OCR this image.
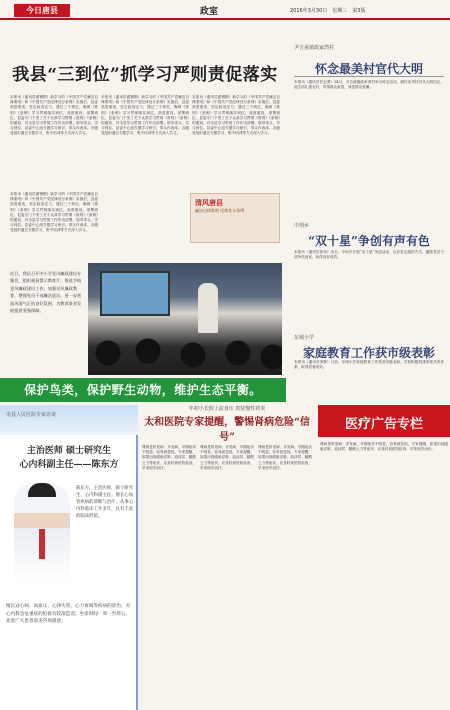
今日唐县	政室	2016年3月30日　星期三　第3版
我县“三到位”抓学习严则责促落实
本报讯（通讯员翟钢钢）新学习的《中国共产党廉洁自律准则》和《中国共产党纪律处分条例》实施后，县委高度重视，坚定政治定力，通过三个到位，确保《准则》《条例》学习贯彻落实到位。高度重视，部署到位。县委专门下发了关于认真学习贯彻《准则》《条例》的通知，对全县学习贯彻工作作出部署。领导带头，学习到位。县委中心组专题学习研讨，带头作表率。各级党组织通过专题学习、集中培训等方式深入学习。
本报讯（通讯员翟钢钢）新学习的《中国共产党廉洁自律准则》和《中国共产党纪律处分条例》实施后，县委高度重视，坚定政治定力，通过三个到位，确保《准则》《条例》学习贯彻落实到位。高度重视，部署到位。县委专门下发了关于认真学习贯彻《准则》《条例》的通知，对全县学习贯彻工作作出部署。领导带头，学习到位。县委中心组专题学习研讨，带头作表率。各级党组织通过专题学习、集中培训等方式深入学习。
本报讯（通讯员翟钢钢）新学习的《中国共产党廉洁自律准则》和《中国共产党纪律处分条例》实施后，县委高度重视，坚定政治定力，通过三个到位，确保《准则》《条例》学习贯彻落实到位。高度重视，部署到位。县委专门下发了关于认真学习贯彻《准则》《条例》的通知，对全县学习贯彻工作作出部署。领导带头，学习到位。县委中心组专题学习研讨，带头作表率。各级党组织通过专题学习、集中培训等方式深入学习。
本报讯（通讯员翟钢钢）新学习的《中国共产党廉洁自律准则》和《中国共产党纪律处分条例》实施后，县委高度重视，坚定政治定力，通过三个到位，确保《准则》《条例》学习贯彻落实到位。高度重视，部署到位。县委专门下发了关于认真学习贯彻《准则》《条例》的通知，对全县学习贯彻工作作出部署。领导带头，学习到位。县委中心组专题学习研讨，带头作表率。各级党组织通过专题学习、集中培训等方式深入学习。
清风唐县
廉洁自律准则 纪律处分条例
近日，我县召开中小学党风廉政建设专题会，组织观看警示教育片，推进学校党风廉政建设工作，加强党风廉政教育，增强党员干部廉洁意识，进一步营造风清气正的良好氛围，为教育事业发展提供坚强保障。
保护鸟类，保护野生动物，维护生态平衡。
尹吉甫镇政家湾村
怀念最美村官代大明
本报讯（通讯员任志勇）24日，尹吉甫镇政家湾村举办悼念活动，缅怀优秀村官代大明同志，他生前扎根农村，带领群众致富，深受群众爱戴。
中坝乡
“双十星”争创有声有色
本报讯（通讯员张伟）近日，中坝乡开展“双十星”争创活动，以评星定级的方式，激励党员干部争先创优，取得良好成效。
东城小学
家庭教育工作获市级表彰
本报讯（通讯员李静）日前，东城小学家庭教育工作受到市级表彰，学校积极构建家校共育体系，取得显著成效。
市县人民医院专家访谈
主治医师 硕士研究生
心内科副主任——陈东方
陈东方，主治医师，硕士研究生，心内科副主任。擅长心血管疾病的诊断与治疗，从事心内科临床工作多年，具有丰富的临床经验。
擅长冠心病、高血压、心律失常、心力衰竭等疾病的诊治，对心内科急危重症的抢救有较深造诣。坐诊时间：周一至周五，欢迎广大患者前来咨询就诊。
年初小长假上流食压 贵装慢性肾炎
太和医院专家提醒，警惕肾病危险“信号”
肾病是常见病、多发病，早期症状不明显，容易被忽视。专家提醒，如果出现眼睑浮肿、泡沫尿、腰酸乏力等症状，应及时到医院检查，早发现早治疗。
肾病是常见病、多发病，早期症状不明显，容易被忽视。专家提醒，如果出现眼睑浮肿、泡沫尿、腰酸乏力等症状，应及时到医院检查，早发现早治疗。
肾病是常见病、多发病，早期症状不明显，容易被忽视。专家提醒，如果出现眼睑浮肿、泡沫尿、腰酸乏力等症状，应及时到医院检查，早发现早治疗。
医疗广告专栏
肾病是常见病、多发病，早期症状不明显，容易被忽视。专家提醒，如果出现眼睑浮肿、泡沫尿、腰酸乏力等症状，应及时到医院检查，早发现早治疗。
